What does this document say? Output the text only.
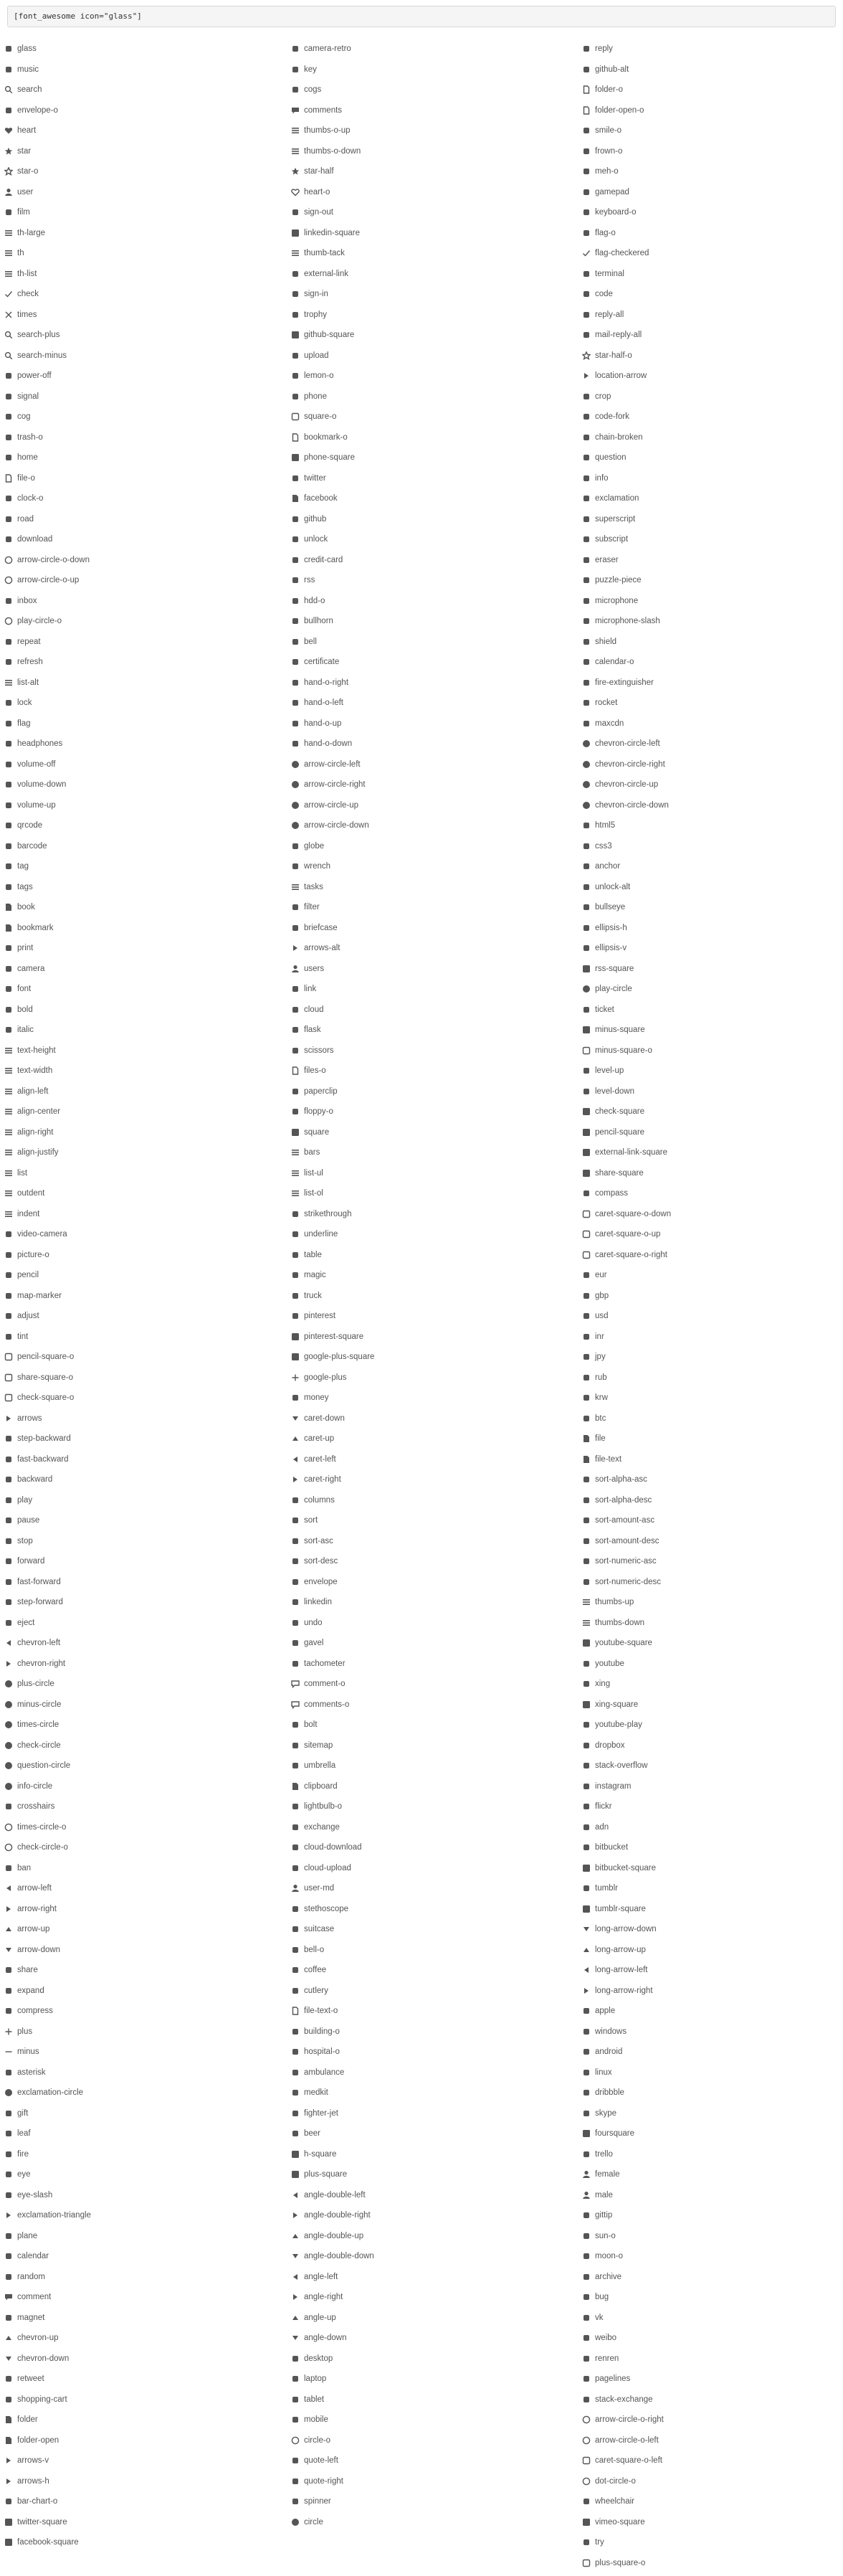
[font_awesome icon="glass"]
glass
music
search
envelope-o
heart
star
star-o
user
film
th-large
th
th-list
check
times
search-plus
search-minus
power-off
signal
cog
trash-o
home
file-o
clock-o
road
download
arrow-circle-o-down
arrow-circle-o-up
inbox
play-circle-o
repeat
refresh
list-alt
lock
flag
headphones
volume-off
volume-down
volume-up
qrcode
barcode
tag
tags
book
bookmark
print
camera
font
bold
italic
text-height
text-width
align-left
align-center
align-right
align-justify
list
outdent
indent
video-camera
picture-o
pencil
map-marker
adjust
tint
pencil-square-o
share-square-o
check-square-o
arrows
step-backward
fast-backward
backward
play
pause
stop
forward
fast-forward
step-forward
eject
chevron-left
chevron-right
plus-circle
minus-circle
times-circle
check-circle
question-circle
info-circle
crosshairs
times-circle-o
check-circle-o
ban
arrow-left
arrow-right
arrow-up
arrow-down
share
expand
compress
plus
minus
asterisk
exclamation-circle
gift
leaf
fire
eye
eye-slash
exclamation-triangle
plane
calendar
random
comment
magnet
chevron-up
chevron-down
retweet
shopping-cart
folder
folder-open
arrows-v
arrows-h
bar-chart-o
twitter-square
facebook-square
camera-retro
key
cogs
comments
thumbs-o-up
thumbs-o-down
star-half
heart-o
sign-out
linkedin-square
thumb-tack
external-link
sign-in
trophy
github-square
upload
lemon-o
phone
square-o
bookmark-o
phone-square
twitter
facebook
github
unlock
credit-card
rss
hdd-o
bullhorn
bell
certificate
hand-o-right
hand-o-left
hand-o-up
hand-o-down
arrow-circle-left
arrow-circle-right
arrow-circle-up
arrow-circle-down
globe
wrench
tasks
filter
briefcase
arrows-alt
users
link
cloud
flask
scissors
files-o
paperclip
floppy-o
square
bars
list-ul
list-ol
strikethrough
underline
table
magic
truck
pinterest
pinterest-square
google-plus-square
google-plus
money
caret-down
caret-up
caret-left
caret-right
columns
sort
sort-asc
sort-desc
envelope
linkedin
undo
gavel
tachometer
comment-o
comments-o
bolt
sitemap
umbrella
clipboard
lightbulb-o
exchange
cloud-download
cloud-upload
user-md
stethoscope
suitcase
bell-o
coffee
cutlery
file-text-o
building-o
hospital-o
ambulance
medkit
fighter-jet
beer
h-square
plus-square
angle-double-left
angle-double-right
angle-double-up
angle-double-down
angle-left
angle-right
angle-up
angle-down
desktop
laptop
tablet
mobile
circle-o
quote-left
quote-right
spinner
circle
reply
github-alt
folder-o
folder-open-o
smile-o
frown-o
meh-o
gamepad
keyboard-o
flag-o
flag-checkered
terminal
code
reply-all
mail-reply-all
star-half-o
location-arrow
crop
code-fork
chain-broken
question
info
exclamation
superscript
subscript
eraser
puzzle-piece
microphone
microphone-slash
shield
calendar-o
fire-extinguisher
rocket
maxcdn
chevron-circle-left
chevron-circle-right
chevron-circle-up
chevron-circle-down
html5
css3
anchor
unlock-alt
bullseye
ellipsis-h
ellipsis-v
rss-square
play-circle
ticket
minus-square
minus-square-o
level-up
level-down
check-square
pencil-square
external-link-square
share-square
compass
caret-square-o-down
caret-square-o-up
caret-square-o-right
eur
gbp
usd
inr
jpy
rub
krw
btc
file
file-text
sort-alpha-asc
sort-alpha-desc
sort-amount-asc
sort-amount-desc
sort-numeric-asc
sort-numeric-desc
thumbs-up
thumbs-down
youtube-square
youtube
xing
xing-square
youtube-play
dropbox
stack-overflow
instagram
flickr
adn
bitbucket
bitbucket-square
tumblr
tumblr-square
long-arrow-down
long-arrow-up
long-arrow-left
long-arrow-right
apple
windows
android
linux
dribbble
skype
foursquare
trello
female
male
gittip
sun-o
moon-o
archive
bug
vk
weibo
renren
pagelines
stack-exchange
arrow-circle-o-right
arrow-circle-o-left
caret-square-o-left
dot-circle-o
wheelchair
vimeo-square
try
plus-square-o
